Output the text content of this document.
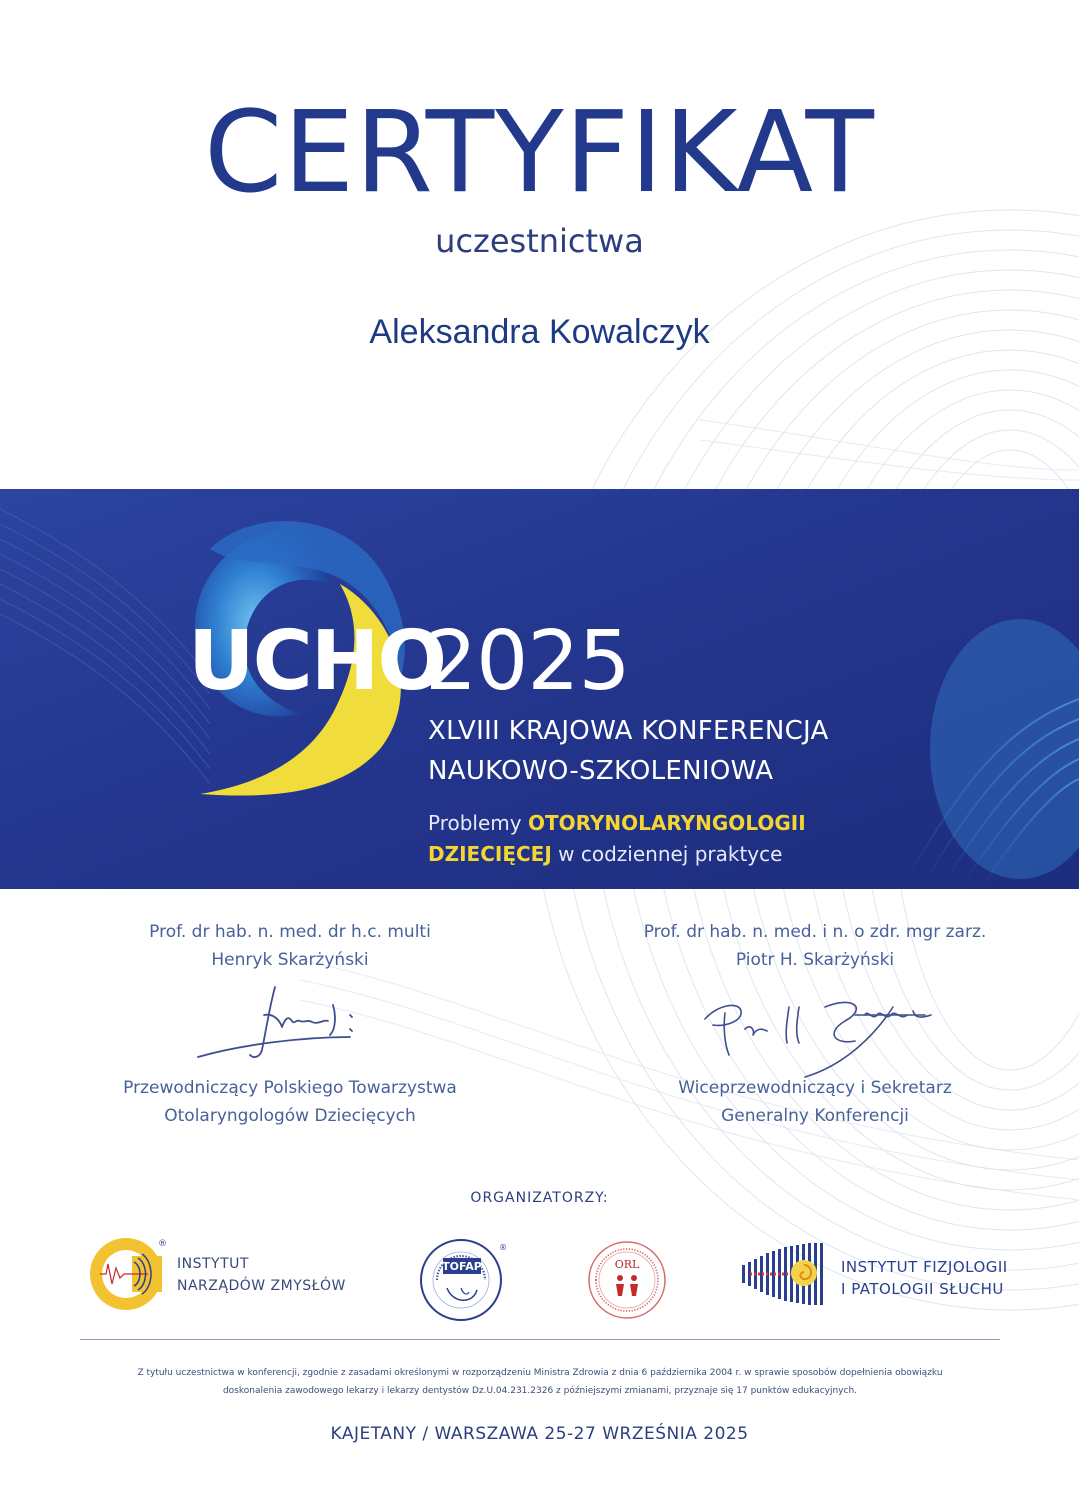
CERTYFIKAT
uczestnictwa
Aleksandra Kowalczyk
UCHO
2025
XLVIII KRAJOWA KONFERENCJA
NAUKOWO-SZKOLENIOWA
Problemy OTORYNOLARYNGOLOGII
DZIECIĘCEJ w codziennej praktyce
Prof. dr hab. n. med. dr h.c. multi
Henryk Skarżyński
Prof. dr hab. n. med. i n. o zdr. mgr zarz.
Piotr H. Skarżyński
Przewodniczący Polskiego Towarzystwa
Otolaryngologów Dziecięcych
Wiceprzewodniczący i Sekretarz
Generalny Konferencji
ORGANIZATORZY:
®
INSTYTUT
NARZĄDÓW ZMYSŁÓW
TOFAP
®
ORL	INSTYTUT FIZJOLOGII
I PATOLOGII SŁUCHU
Z tytułu uczestnictwa w konferencji, zgodnie z zasadami określonymi w rozporządzeniu Ministra Zdrowia z dnia 6 października 2004 r. w sprawie sposobów dopełnienia obowiązku
doskonalenia zawodowego lekarzy i lekarzy dentystów Dz.U.04.231.2326 z późniejszymi zmianami, przyznaje się 17 punktów edukacyjnych.
KAJETANY / WARSZAWA 25-27 WRZEŚNIA 2025
